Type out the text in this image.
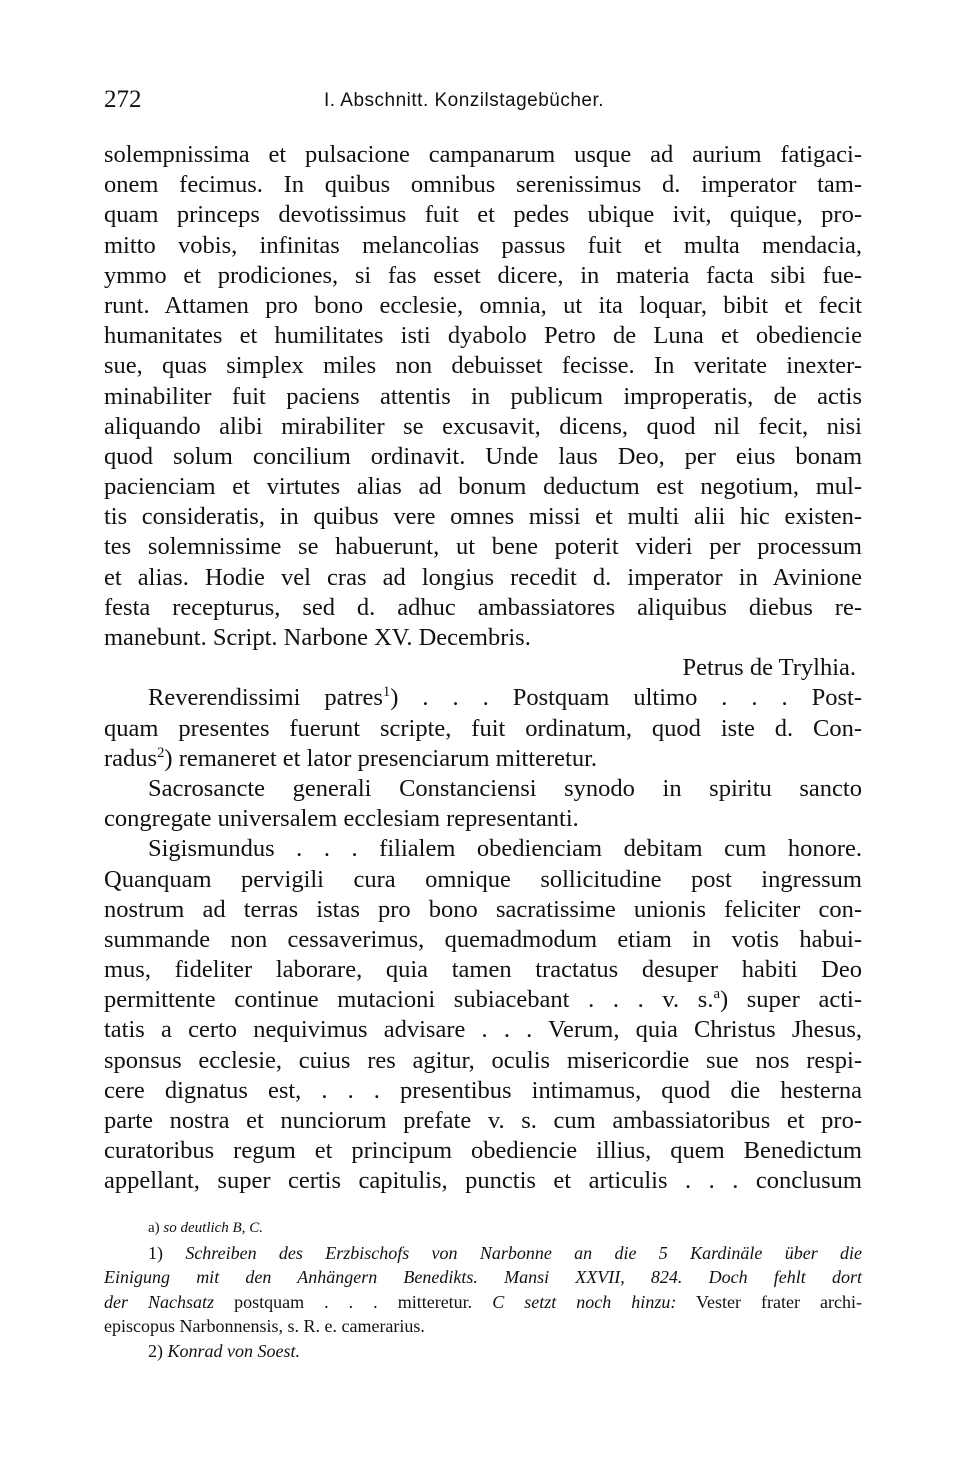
272	I. Abschnitt. Konzilstagebücher.
solempnissima et pulsacione campanarum usque ad aurium fatigaci-
onem fecimus. In quibus omnibus serenissimus d. imperator tam-
quam princeps devotissimus fuit et pedes ubique ivit, quique, pro-
mitto vobis, infinitas melancolias passus fuit et multa mendacia,
ymmo et prodiciones, si fas esset dicere, in materia facta sibi fue-
runt. Attamen pro bono ecclesie, omnia, ut ita loquar, bibit et fecit
humanitates et humilitates isti dyabolo Petro de Luna et obediencie
sue, quas simplex miles non debuisset fecisse. In veritate inexter-
minabiliter fuit paciens attentis in publicum improperatis, de actis
aliquando alibi mirabiliter se excusavit, dicens, quod nil fecit, nisi
quod solum concilium ordinavit. Unde laus Deo, per eius bonam
pacienciam et virtutes alias ad bonum deductum est negotium, mul-
tis consideratis, in quibus vere omnes missi et multi alii hic existen-
tes solemnissime se habuerunt, ut bene poterit videri per processum
et alias. Hodie vel cras ad longius recedit d. imperator in Avinione
festa recepturus, sed d. adhuc ambassiatores aliquibus diebus re-
manebunt. Script. Narbone XV. Decembris.
Petrus de Trylhia.
Reverendissimi patres$^1$) . . . Postquam ultimo . . . Post-
quam presentes fuerunt scripte, fuit ordinatum, quod iste d. Con-
radus$^2$) remaneret et lator presenciarum mitteretur.
Sacrosancte generali Constanciensi synodo in spiritu sancto
congregate universalem ecclesiam representanti.
Sigismundus . . . filialem obedienciam debitam cum honore.
Quanquam pervigili cura omnique sollicitudine post ingressum
nostrum ad terras istas pro bono sacratissime unionis feliciter con-
summande non cessaverimus, quemadmodum etiam in votis habui-
mus, fideliter laborare, quia tamen tractatus desuper habiti Deo
permittente continue mutacioni subiacebant . . . v. s.$^a$) super acti-
tatis a certo nequivimus advisare . . . Verum, quia Christus Jhesus,
sponsus ecclesie, cuius res agitur, oculis misericordie sue nos respi-
cere dignatus est, . . . presentibus intimamus, quod die hesterna
parte nostra et nunciorum prefate v. s. cum ambassiatoribus et pro-
curatoribus regum et principum obediencie illius, quem Benedictum
appellant, super certis capitulis, punctis et articulis . . . conclusum
a) so deutlich B, C.
1) Schreiben des Erzbischofs von Narbonne an die 5 Kardinäle über die
Einigung mit den Anhängern Benedikts. Mansi XXVII, 824. Doch fehlt dort
der Nachsatz postquam . . . mitteretur. C setzt noch hinzu: Vester frater archi-
episcopus Narbonnensis, s. R. e. camerarius.
2) Konrad von Soest.
